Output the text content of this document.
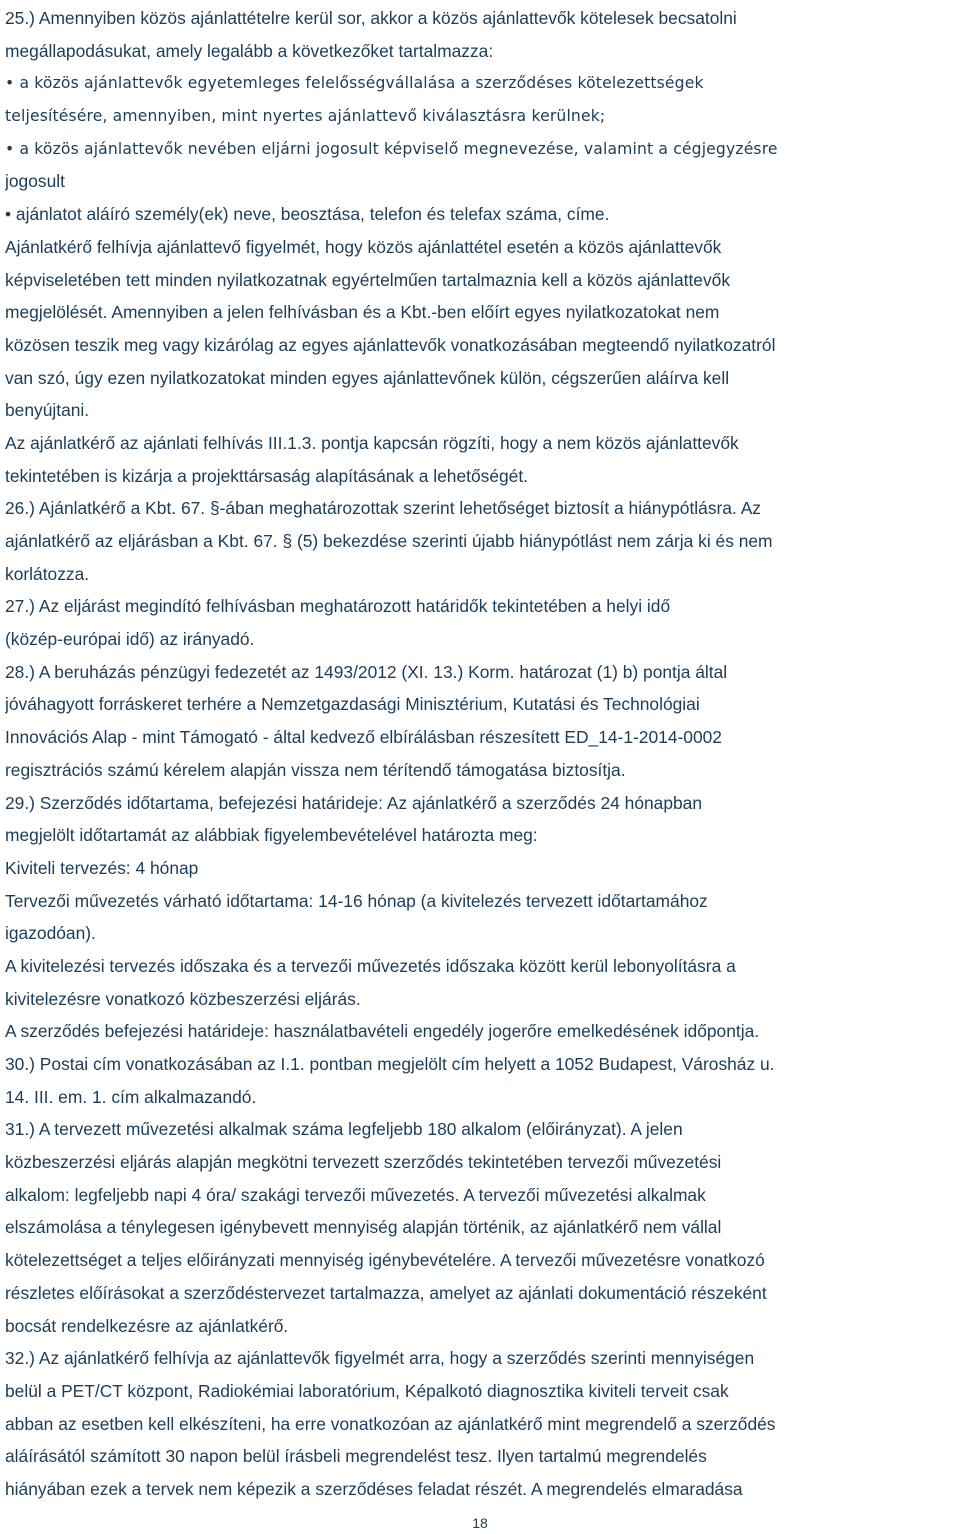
25.) Amennyiben közös ajánlattételre kerül sor, akkor a közös ajánlattevők kötelesek becsatolni
megállapodásukat, amely legalább a következőket tartalmazza:
• a közös ajánlattevők egyetemleges felelősségvállalása a szerződéses kötelezettségek
teljesítésére, amennyiben, mint nyertes ajánlattevő kiválasztásra kerülnek;
• a közös ajánlattevők nevében eljárni jogosult képviselő megnevezése, valamint a cégjegyzésre
jogosult
• ajánlatot aláíró személy(ek) neve, beosztása, telefon és telefax száma, címe.
Ajánlatkérő felhívja ajánlattevő figyelmét, hogy közös ajánlattétel esetén a közös ajánlattevők
képviseletében tett minden nyilatkozatnak egyértelműen tartalmaznia kell a közös ajánlattevők
megjelölését. Amennyiben a jelen felhívásban és a Kbt.-ben előírt egyes nyilatkozatokat nem
közösen teszik meg vagy kizárólag az egyes ajánlattevők vonatkozásában megteendő nyilatkozatról
van szó, úgy ezen nyilatkozatokat minden egyes ajánlattevőnek külön, cégszerűen aláírva kell
benyújtani.
Az ajánlatkérő az ajánlati felhívás III.1.3. pontja kapcsán rögzíti, hogy a nem közös ajánlattevők
tekintetében is kizárja a projekttársaság alapításának a lehetőségét.
26.) Ajánlatkérő a Kbt. 67. §-ában meghatározottak szerint lehetőséget biztosít a hiánypótlásra. Az
ajánlatkérő az eljárásban a Kbt. 67. § (5) bekezdése szerinti újabb hiánypótlást nem zárja ki és nem
korlátozza.
27.) Az eljárást megindító felhívásban meghatározott határidők tekintetében a helyi idő
(közép-európai idő) az irányadó.
28.) A beruházás pénzügyi fedezetét az 1493/2012 (XI. 13.) Korm. határozat (1) b) pontja által
jóváhagyott forráskeret terhére a Nemzetgazdasági Minisztérium, Kutatási és Technológiai
Innovációs Alap - mint Támogató - által kedvező elbírálásban részesített ED_14-1-2014-0002
regisztrációs számú kérelem alapján vissza nem térítendő támogatása biztosítja.
29.) Szerződés időtartama, befejezési határideje: Az ajánlatkérő a szerződés 24 hónapban
megjelölt időtartamát az alábbiak figyelembevételével határozta meg:
Kiviteli tervezés: 4 hónap
Tervezői művezetés várható időtartama: 14-16 hónap (a kivitelezés tervezett időtartamához
igazodóan).
A kivitelezési tervezés időszaka és a tervezői művezetés időszaka között kerül lebonyolításra a
kivitelezésre vonatkozó közbeszerzési eljárás.
A szerződés befejezési határideje: használatbavételi engedély jogerőre emelkedésének időpontja.
30.) Postai cím vonatkozásában az I.1. pontban megjelölt cím helyett a 1052 Budapest, Városház u.
14. III. em. 1. cím alkalmazandó.
31.) A tervezett művezetési alkalmak száma legfeljebb 180 alkalom (előirányzat). A jelen
közbeszerzési eljárás alapján megkötni tervezett szerződés tekintetében tervezői művezetési
alkalom: legfeljebb napi 4 óra/ szakági tervezői művezetés. A tervezői művezetési alkalmak
elszámolása a ténylegesen igénybevett mennyiség alapján történik, az ajánlatkérő nem vállal
kötelezettséget a teljes előirányzati mennyiség igénybevételére. A tervezői művezetésre vonatkozó
részletes előírásokat a szerződéstervezet tartalmazza, amelyet az ajánlati dokumentáció részeként
bocsát rendelkezésre az ajánlatkérő.
32.) Az ajánlatkérő felhívja az ajánlattevők figyelmét arra, hogy a szerződés szerinti mennyiségen
belül a PET/CT központ, Radiokémiai laboratórium, Képalkotó diagnosztika kiviteli terveit csak
abban az esetben kell elkészíteni, ha erre vonatkozóan az ajánlatkérő mint megrendelő a szerződés
aláírásától számított 30 napon belül írásbeli megrendelést tesz. Ilyen tartalmú megrendelés
hiányában ezek a tervek nem képezik a szerződéses feladat részét. A megrendelés elmaradása
18
